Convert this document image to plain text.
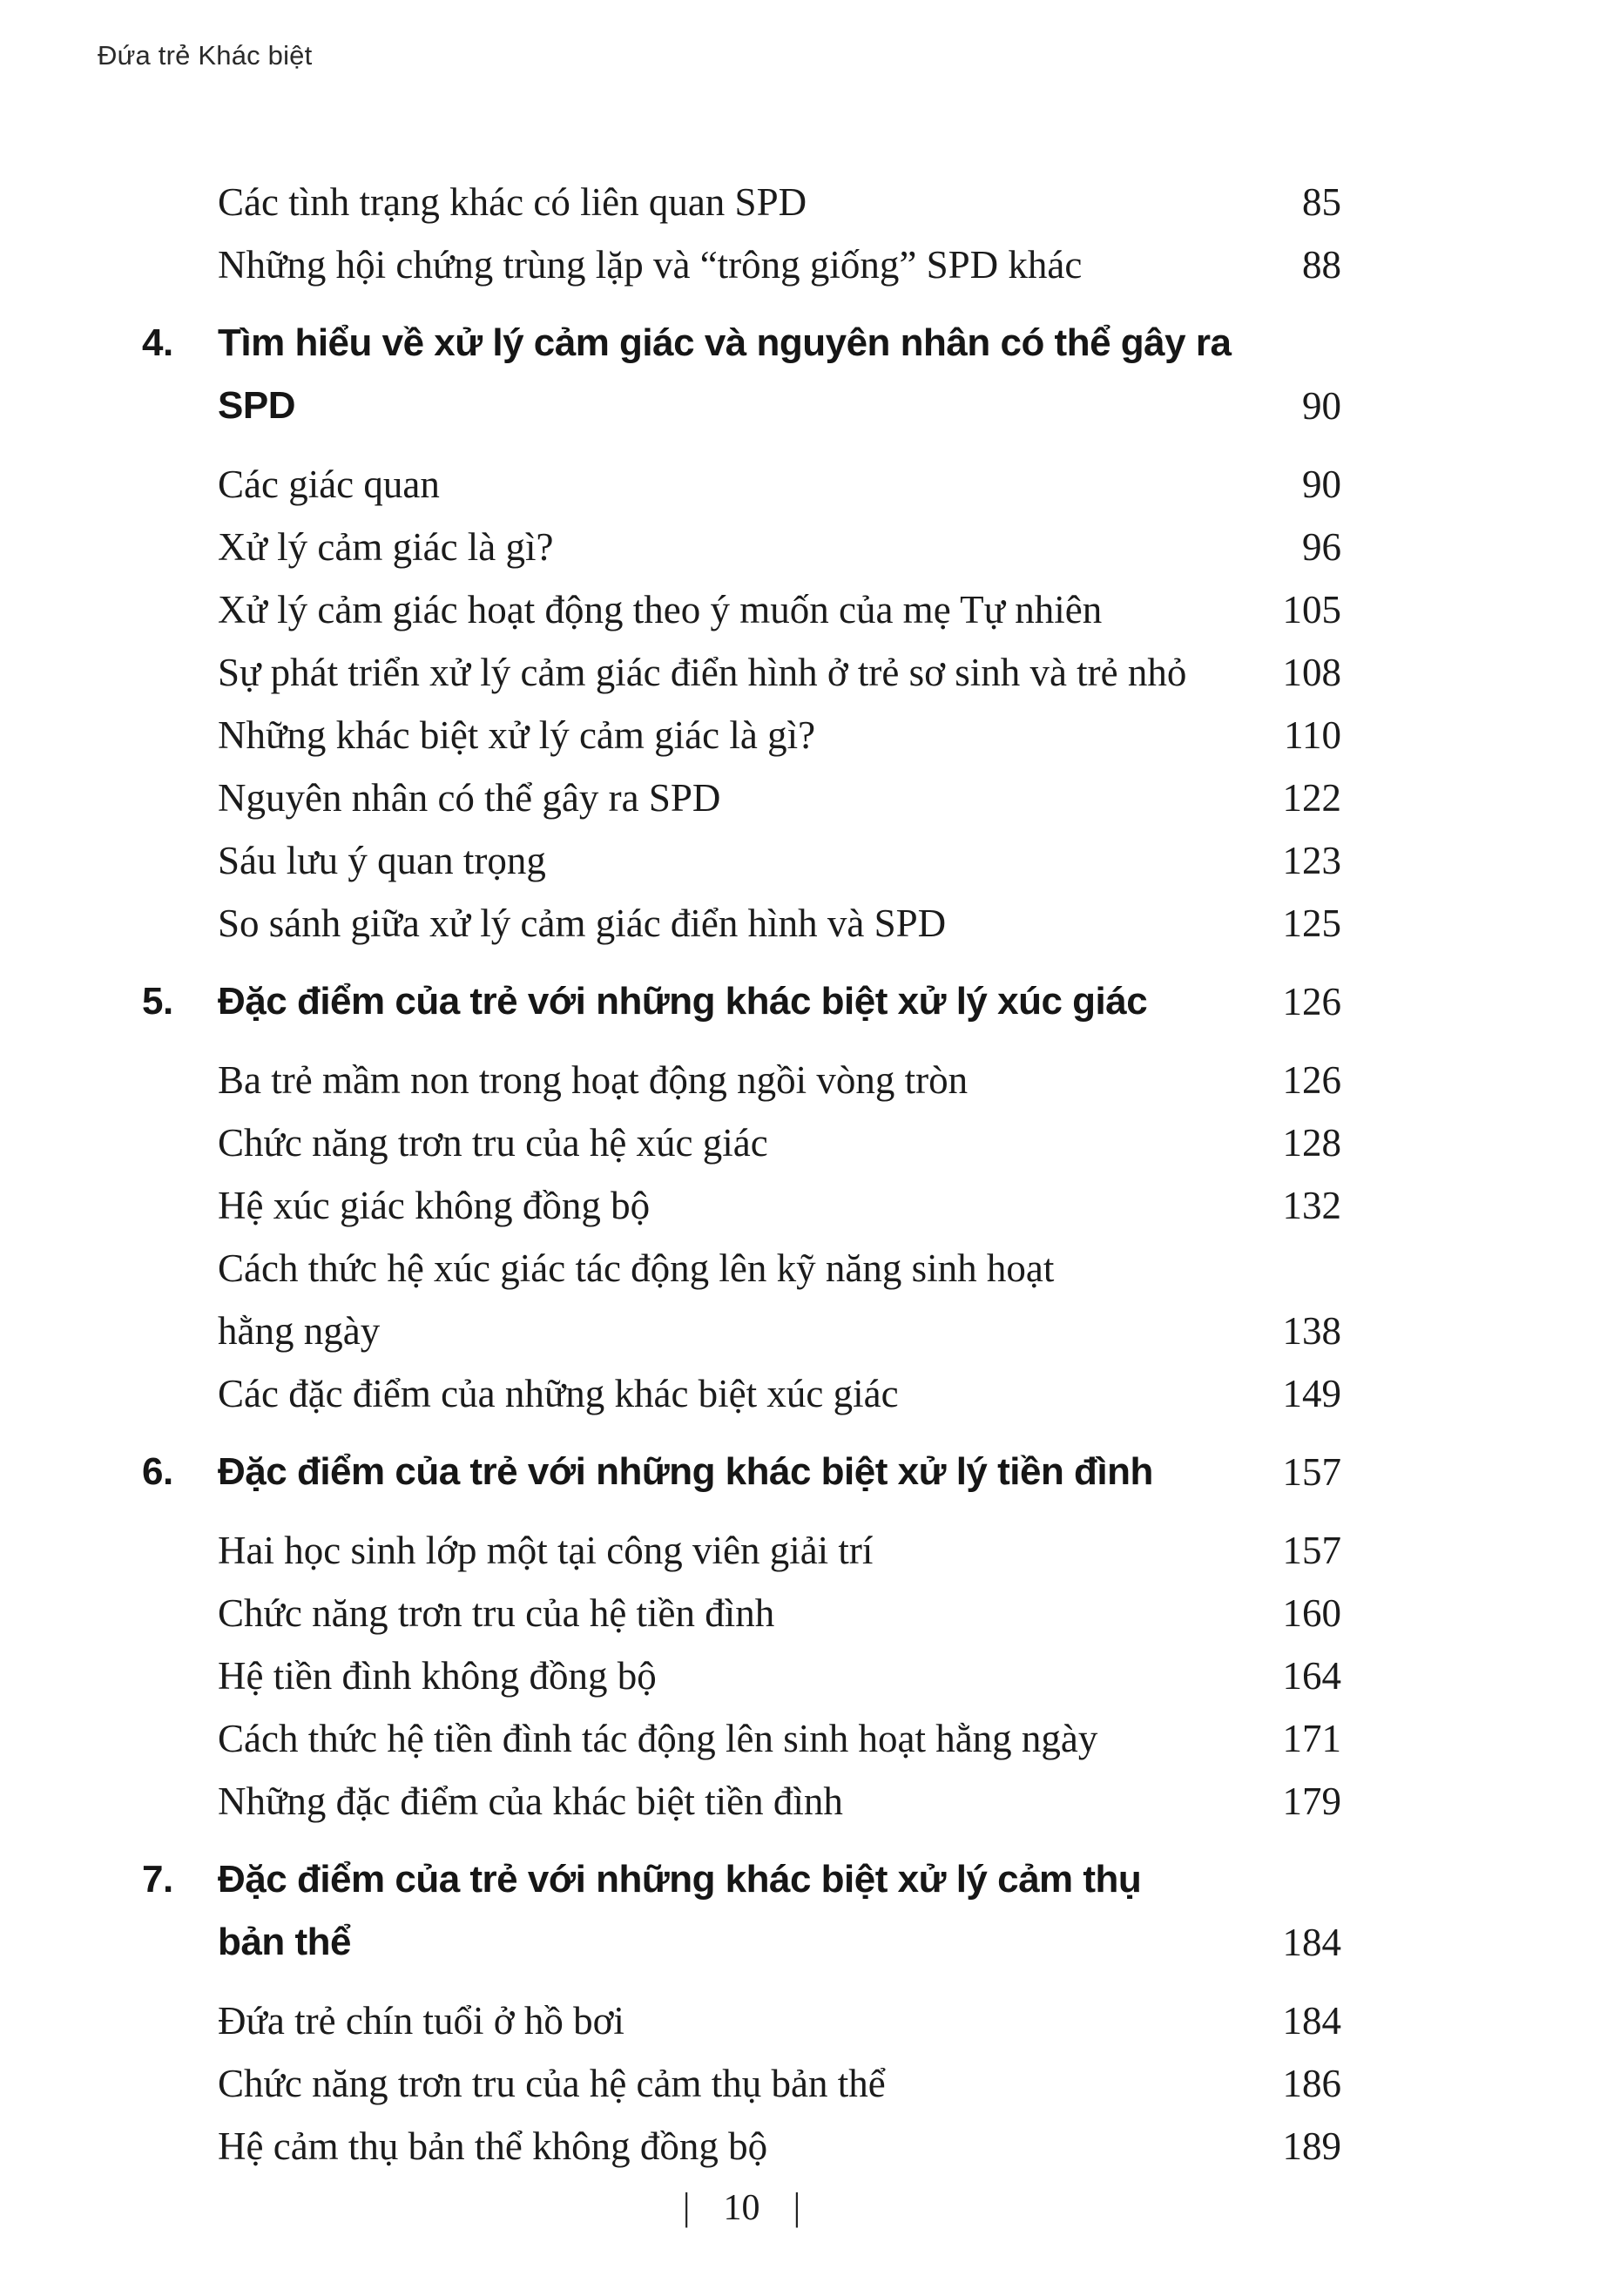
Đứa trẻ Khác biệt
Các tình trạng khác có liên quan SPD	85
Những hội chứng trùng lặp và “trông giống” SPD khác	88
4. Tìm hiểu về xử lý cảm giác và nguyên nhân có thể gây ra
SPD	90
Các giác quan	90
Xử lý cảm giác là gì?	96
Xử lý cảm giác hoạt động theo ý muốn của mẹ Tự nhiên	105
Sự phát triển xử lý cảm giác điển hình ở trẻ sơ sinh và trẻ nhỏ	108
Những khác biệt xử lý cảm giác là gì?	110
Nguyên nhân có thể gây ra SPD	122
Sáu lưu ý quan trọng	123
So sánh giữa xử lý cảm giác điển hình và SPD	125
5. Đặc điểm của trẻ với những khác biệt xử lý xúc giác	126
Ba trẻ mầm non trong hoạt động ngồi vòng tròn	126
Chức năng trơn tru của hệ xúc giác	128
Hệ xúc giác không đồng bộ	132
Cách thức hệ xúc giác tác động lên kỹ năng sinh hoạt
hằng ngày	138
Các đặc điểm của những khác biệt xúc giác	149
6. Đặc điểm của trẻ với những khác biệt xử lý tiền đình	157
Hai học sinh lớp một tại công viên giải trí	157
Chức năng trơn tru của hệ tiền đình	160
Hệ tiền đình không đồng bộ	164
Cách thức hệ tiền đình tác động lên sinh hoạt hằng ngày	171
Những đặc điểm của khác biệt tiền đình	179
7. Đặc điểm của trẻ với những khác biệt xử lý cảm thụ
bản thể	184
Đứa trẻ chín tuổi ở hồ bơi	184
Chức năng trơn tru của hệ cảm thụ bản thể	186
Hệ cảm thụ bản thể không đồng bộ	189
| 10 |
